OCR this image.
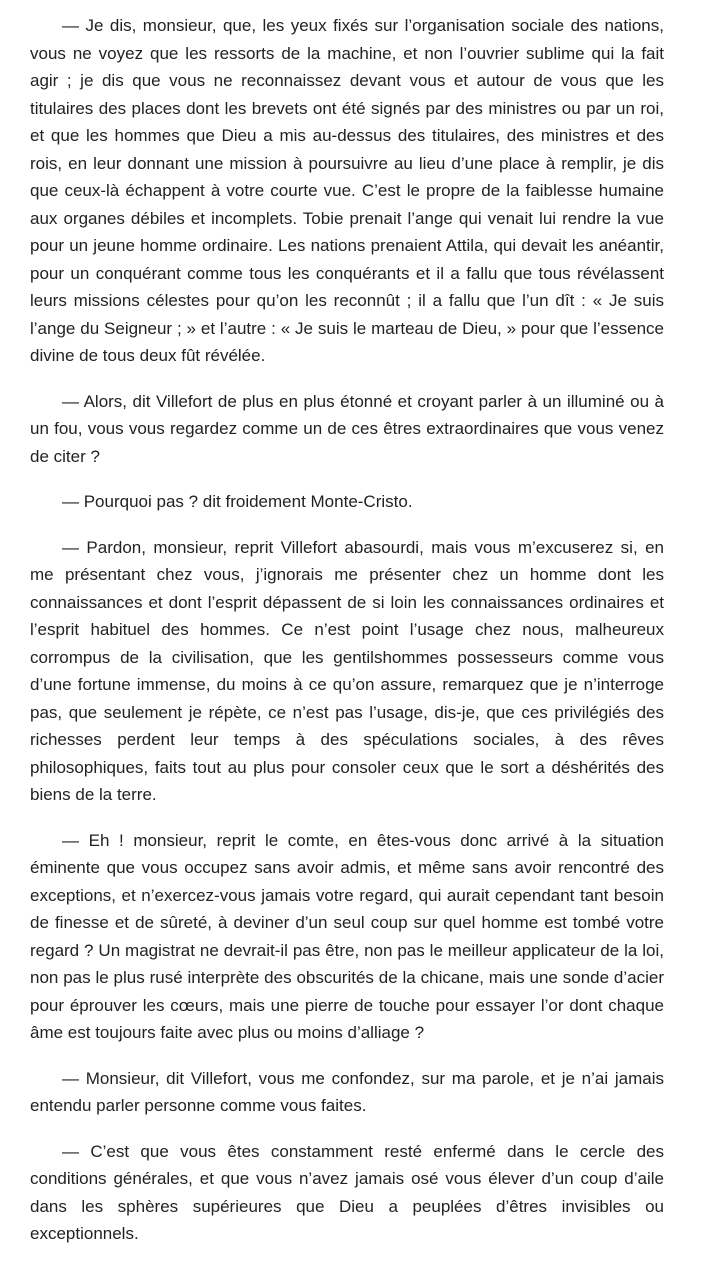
— Je dis, monsieur, que, les yeux fixés sur l’organisation sociale des nations, vous ne voyez que les ressorts de la machine, et non l’ouvrier sublime qui la fait agir ; je dis que vous ne reconnaissez devant vous et autour de vous que les titulaires des places dont les brevets ont été signés par des ministres ou par un roi, et que les hommes que Dieu a mis au-dessus des titulaires, des ministres et des rois, en leur donnant une mission à poursuivre au lieu d’une place à remplir, je dis que ceux-là échappent à votre courte vue. C’est le propre de la faiblesse humaine aux organes débiles et incomplets. Tobie prenait l’ange qui venait lui rendre la vue pour un jeune homme ordinaire. Les nations prenaient Attila, qui devait les anéantir, pour un conquérant comme tous les conquérants et il a fallu que tous révélassent leurs missions célestes pour qu’on les reconnût ; il a fallu que l’un dît : « Je suis l’ange du Seigneur ; » et l’autre : « Je suis le marteau de Dieu, » pour que l’essence divine de tous deux fût révélée.

— Alors, dit Villefort de plus en plus étonné et croyant parler à un illuminé ou à un fou, vous vous regardez comme un de ces êtres extraordinaires que vous venez de citer ?

— Pourquoi pas ? dit froidement Monte-Cristo.

— Pardon, monsieur, reprit Villefort abasourdi, mais vous m’excuserez si, en me présentant chez vous, j’ignorais me présenter chez un homme dont les connaissances et dont l’esprit dépassent de si loin les connaissances ordinaires et l’esprit habituel des hommes. Ce n’est point l’usage chez nous, malheureux corrompus de la civilisation, que les gentilshommes possesseurs comme vous d’une fortune immense, du moins à ce qu’on assure, remarquez que je n’interroge pas, que seulement je répète, ce n’est pas l’usage, dis-je, que ces privilégiés des richesses perdent leur temps à des spéculations sociales, à des rêves philosophiques, faits tout au plus pour consoler ceux que le sort a déshérités des biens de la terre.

— Eh ! monsieur, reprit le comte, en êtes-vous donc arrivé à la situation éminente que vous occupez sans avoir admis, et même sans avoir rencontré des exceptions, et n’exercez-vous jamais votre regard, qui aurait cependant tant besoin de finesse et de sûreté, à deviner d’un seul coup sur quel homme est tombé votre regard ? Un magistrat ne devrait-il pas être, non pas le meilleur applicateur de la loi, non pas le plus rusé interprète des obscurités de la chicane, mais une sonde d’acier pour éprouver les cœurs, mais une pierre de touche pour essayer l’or dont chaque âme est toujours faite avec plus ou moins d’alliage ?

— Monsieur, dit Villefort, vous me confondez, sur ma parole, et je n’ai jamais entendu parler personne comme vous faites.

— C’est que vous êtes constamment resté enfermé dans le cercle des conditions générales, et que vous n’avez jamais osé vous élever d’un coup d’aile dans les sphères supérieures que Dieu a peuplées d’êtres invisibles ou exceptionnels.
